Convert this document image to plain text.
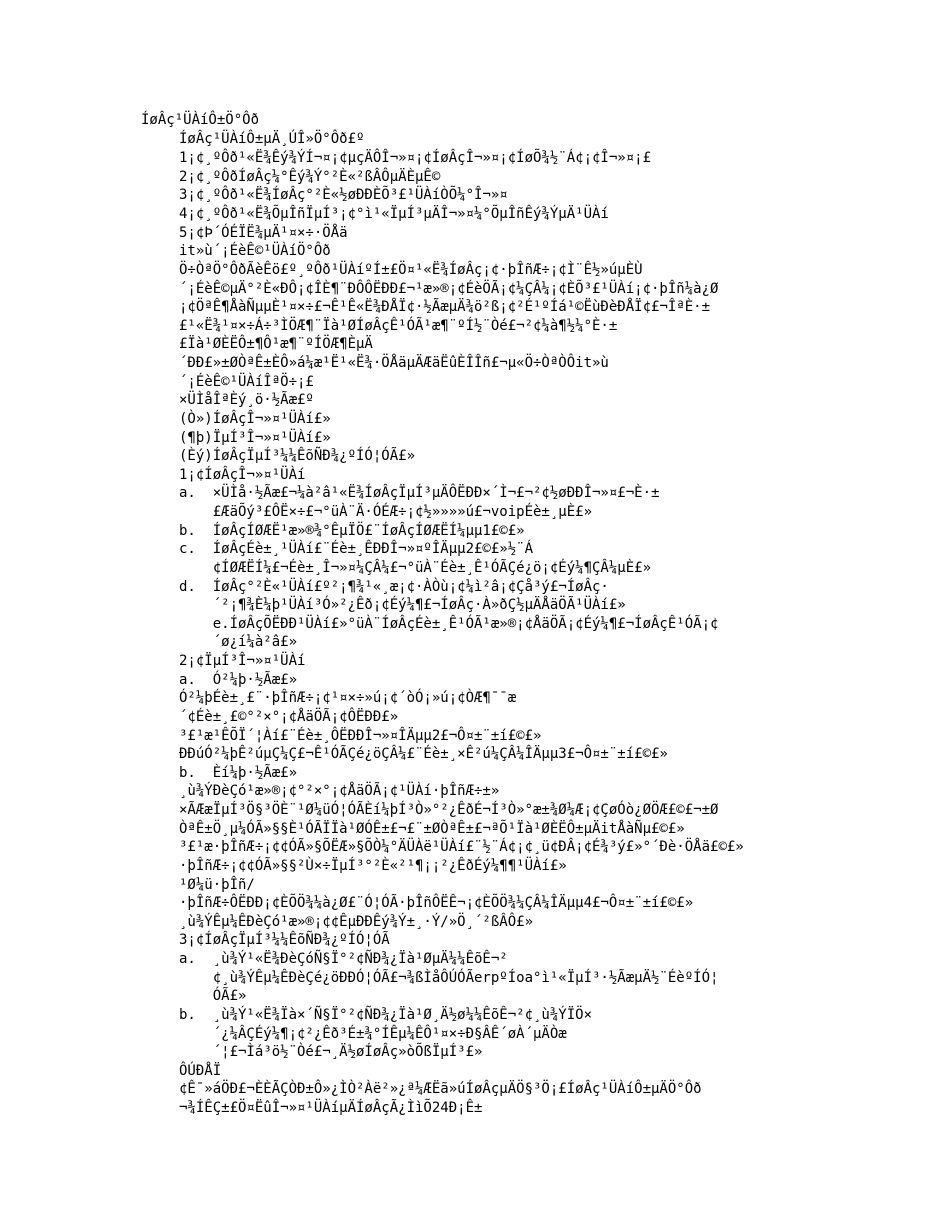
ÍøÂç¹ÜÀíÔ±Ö°Ôð
ÍøÂç¹ÜÀíÔ±µÄ¸ÚÎ»Ö°Ôð£º
1¡¢¸ºÔð¹«Ë¾Êý¾ÝÍ¬¤¡¢µçÄÔÎ¬»¤¡¢ÍøÂçÎ¬»¤¡¢ÍøÕ¾½¨Á¢¡¢Î¬»¤¡£
2¡¢¸ºÔðÍøÂç¼°Êý¾Ý°²È«²ßÂÔµÄÈµÊ©
3¡¢¸ºÔð¹«Ë¾ÍøÂç°²È«½øÐÐÈÕ³£¹ÜÀíÒÕ¼°Î¬»¤
4¡¢¸ºÔð¹«Ë¾ÕµÎñÏµÍ³¡¢°ì¹«ÏµÍ³µÄÎ¬»¤¼°ÕµÎñÊý¾ÝµÄ¹ÜÀí
5¡¢Þ´ÓÉÏË¾µÄ¹¤×÷·ÖÅä
it»ù´¡ÉèÊ©¹ÜÀíÖ°Ôð
Ö÷ÒªÖ°ÔðÃèÊö£º¸ºÔð¹ÜÀíºÍ±£Ö¤¹«Ë¾ÍøÂç¡¢·þÎñÆ÷¡¢Ì¨Ê½»úµÈÙ
´¡ÉèÊ©µÄ°²È«ÐÔ¡¢ÎÈ¶¨ÐÔÔËÐÐ£¬¹æ»®¡¢ÉèÖÃ¡¢¼ÇÂ¼¡¢ÈÕ³£¹ÜÀí¡¢·þÎñ¼à¿Ø
¡¢ÖªÊ¶ÅàÑµµÈ¹¤×÷£¬Ê¹Ê«Ë¾ÐÅÏ¢·½ÃæµÄ¾ö²ß¡¢²É¹ºÍá¹©ËùÐèÐÅÏ¢£¬ÎªÈ·±
£¹«Ë¾¹¤×÷Á÷³ÌÖÆ¶¨Ïà¹ØÍøÂçÊ¹ÓÃ¹æ¶¨ºÍ½¨Òé£¬²¢¼à¶½¼°È·±
£Ïà¹ØÈËÔ±¶Ô¹æ¶¨ºÍÖÆ¶ÈµÄ
´ÐÐ£»±ØÒªÊ±ÈÔ»á¼æ¹Ë¹«Ë¾·ÖÅäµÄÆäËûÈÎÎñ£¬µ«Ö÷ÒªÒÔit»ù
´¡ÉèÊ©¹ÜÀíÎªÖ÷¡£
×ÜÌåÎªÈý¸ö·½Ãæ£º
(Ò»)ÍøÂçÎ¬»¤¹ÜÀí£»
(¶þ)ÏµÍ³Î¬»¤¹ÜÀí£»
(Èý)ÍøÂçÏµÍ³¼¼ÊõÑÐ¾¿ºÍÓ¦ÓÃ£»
1¡¢ÍøÂçÎ¬»¤¹ÜÀí
a.  ×ÜÌå·½Ãæ£¬¼à²â¹«Ë¾ÍøÂçÏµÍ³µÄÔËÐÐ×´Ì¬£¬²¢½øÐÐÎ¬»¤£¬È·±
£ÆäÕý³£ÔË×÷£¬°üÀ¨Ä·ÓÉÆ÷¡¢½»»»»ú£¬voipÉè±¸µÈ£»
b.  ÍøÂçÍØÆË¹æ»®¾°ÊµÏÖ£¨ÍøÂçÍØÆËÍ¼µµ1£©£»
c.  ÍøÂçÉè±¸¹ÜÀí£¨Éè±¸ÊÐÐÎ¬»¤ºÎÄµµ2£©£»½¨Á
¢ÍØÆËÍ¼£¬Éè±¸Î¬»¤¼ÇÂ¼£¬°üÀ¨Éè±¸Ê¹ÓÃÇé¿ö¡¢Éý¼¶ÇÂ¼µÈ£»
d.  ÍøÂç°²È«¹ÜÀí£º²¡¶¾¹«¸æ¡¢·ÀÒù¡¢¼ì²â¡¢Çå³ý£¬ÍøÂç·
´²¡¶¾È¼þ¹ÜÀí³Ó»²¿Êð¡¢Éý¼¶£¬ÍøÂç·À»ðÇ½µÄÅäÖÃ¹ÜÀí£»
e.ÍøÂçÕËÐÐ¹ÜÀí£»°üÀ¨ÍøÂçÉè±¸Ê¹ÓÃ¹æ»®¡¢ÅäÖÃ¡¢Éý¼¶£¬ÍøÂçÊ¹ÓÃ¡¢
´ø¿í¼à²â£»
2¡¢ÏµÍ³Î¬»¤¹ÜÀí
a.  Ó²¼þ·½Ãæ£»
Ó²¼þÉè±¸£¨·þÎñÆ÷¡¢¹¤×÷»ú¡¢´òÓ¡»ú¡¢ÒÆ¶¯¯æ
´¢Éè±¸£©°²×°¡¢ÅäÖÃ¡¢ÔËÐÐ£»
³£¹æ¹ÊÕÏ´¦Àí£¨Éè±¸ÔËÐÐÎ¬»¤ÎÄµµ2£¬Ô¤±¨±í£©£»
ÐÐúÓ²¼þÊ²úµÇ¼Ç£¬Ê¹ÓÃÇé¿öÇÂ¼£¨Éè±¸×Ê²ú¼ÇÂ¼ÎÄµµ3£¬Ô¤±¨±í£©£»
b.  Èí¼þ·½Ãæ£»
¸ù¾ÝÐèÇó¹æ»®¡¢°²×°¡¢ÅäÖÃ¡¢¹ÜÀí·þÎñÆ÷±»
×ÃÆæÏµÍ³Ö§³ÖÈ¨¹Ø¼üÓ¦ÓÃÈí¼þÍ³Ò»°²¿ÊðÉ¬Í³Ò»°æ±¾Ø¼Æ¡¢ÇøÓò¿ØÖÆ£©£¬±Ø
ÒªÊ±Ö¸µ¼ÓÃ»§§È¹ÓÃÏÏà¹ØÓÊ±£¬£¨±ØÒªÊ±£¬ªÕ¹Ïà¹ØÈËÔ±µÄitÅàÑµ£©£»
³£¹æ·þÎñÆ÷¡¢¢ÓÃ»§ÕËÆ»§ÕÒ¼°ÄÜÀë¹ÜÀí£¨½¨Á¢¡¢¸ü¢ÐÂ¡¢É¾³ý£»°´Ðè·ÖÅä£©£»
·þÎñÆ÷¡¢¢ÓÃ»§§²Ù×÷ÏµÍ³°²È«²¹¶¡¡²¿ÊðÉý¼¶¶¹ÜÀí£»
¹Ø¼ü·þÎñ/
·þÎñÆ÷ÔËÐÐ¡¢ÈÕÖ¾¼à¿Ø£¨Ó¦ÓÃ·þÎñÔËÊ¬¡¢ÈÕÖ¾¼ÇÂ¼ÎÄµµ4£¬Ô¤±¨±í£©£»
¸ù¾ÝÊµ¼ÊÐèÇó¹æ»®¡¢¢ÊµÐÐÊý¾Ý±¸·Ý/»Ö¸´²ßÂÔ£»
3¡¢ÍøÂçÏµÍ³¼¼ÊõÑÐ¾¿ºÍÓ¦ÓÃ
a.  ¸ù¾Ý¹«Ë¾ÐèÇóÑ§Ï°²¢ÑÐ¾¿Ïà¹ØµÄ¼¼ÊõÊ¬²
¢¸ù¾ÝÊµ¼ÊÐèÇé¿öÐÐÓ¦ÓÃ£¬¾ßÌåÔÚÓÃerpºÍoa°ì¹«ÏµÍ³·½ÃæµÄ½¨ÉèºÍÓ¦
ÓÃ£»
b.  ¸ù¾Ý¹«Ë¾Ïà×´Ñ§Ï°²¢ÑÐ¾¿Ïà¹Ø¸Ä½ø¼¼ÊõÊ¬²¢¸ù¾ÝÏÖ×
´¿¼ÂÇÉý¼¶¡¢²¿Êð³É±¾°ÍÊµ¼ÊÔ¹¤×÷Ð§ÂÊ´øÀ´µÄÒæ
´¦£¬Ìá³ö½¨Òé£¬¸Ä½øÍøÂç»òÕßÏµÍ³£»
ÔÚÐÅÏ
¢Ê¯»áÖÐ£¬ÈÈÃÇÒÐ±Ô»¿ÌÒ²Àë²»¿ª¼ÆËã»úÍøÂçµÄÖ§³Ö¡£ÍøÂç¹ÜÀíÔ±µÄÖ°Ôð
¬¾ÍÊÇ±£Ö¤ËûÎ¬»¤¹ÜÀíµÄÍøÂçÃ¿ÌìÕ24Ð¡Ê±
